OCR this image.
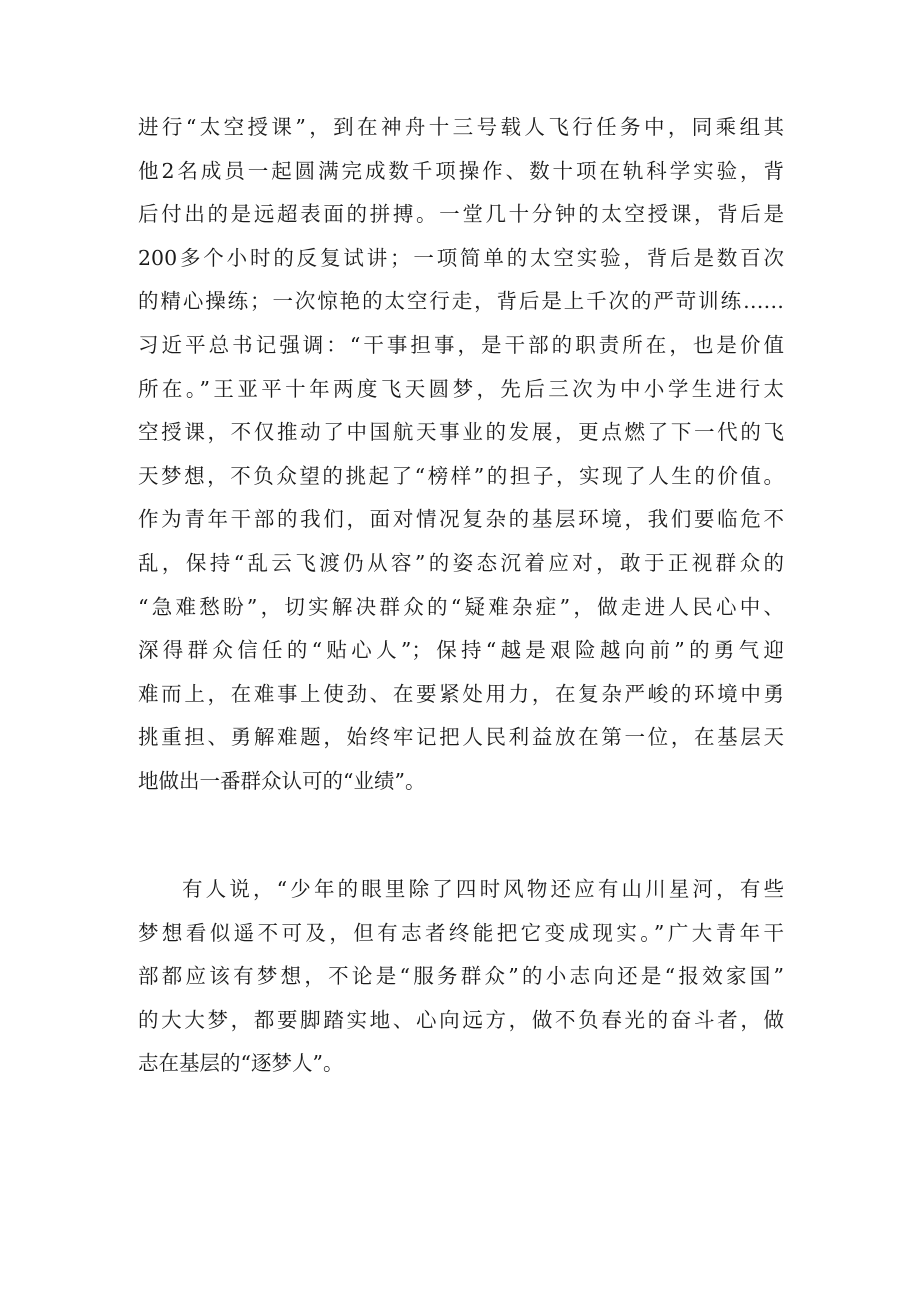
进行“太空授课”，到在神舟十三号载人飞行任务中，同乘组其
他2名成员一起圆满完成数千项操作、数十项在轨科学实验，背
后付出的是远超表面的拼搏。一堂几十分钟的太空授课，背后是
200多个小时的反复试讲；一项简单的太空实验，背后是数百次
的精心操练；一次惊艳的太空行走，背后是上千次的严苛训练……
习近平总书记强调：“干事担事，是干部的职责所在，也是价值
所在。”王亚平十年两度飞天圆梦，先后三次为中小学生进行太
空授课，不仅推动了中国航天事业的发展，更点燃了下一代的飞
天梦想，不负众望的挑起了“榜样”的担子，实现了人生的价值。
作为青年干部的我们，面对情况复杂的基层环境，我们要临危不
乱，保持“乱云飞渡仍从容”的姿态沉着应对，敢于正视群众的
“急难愁盼”，切实解决群众的“疑难杂症”，做走进人民心中、
深得群众信任的“贴心人”；保持“越是艰险越向前”的勇气迎
难而上，在难事上使劲、在要紧处用力，在复杂严峻的环境中勇
挑重担、勇解难题，始终牢记把人民利益放在第一位，在基层天
地做出一番群众认可的“业绩”。
有人说，“少年的眼里除了四时风物还应有山川星河，有些
梦想看似遥不可及，但有志者终能把它变成现实。”广大青年干
部都应该有梦想，不论是“服务群众”的小志向还是“报效家国”
的大大梦，都要脚踏实地、心向远方，做不负春光的奋斗者，做
志在基层的“逐梦人”。
